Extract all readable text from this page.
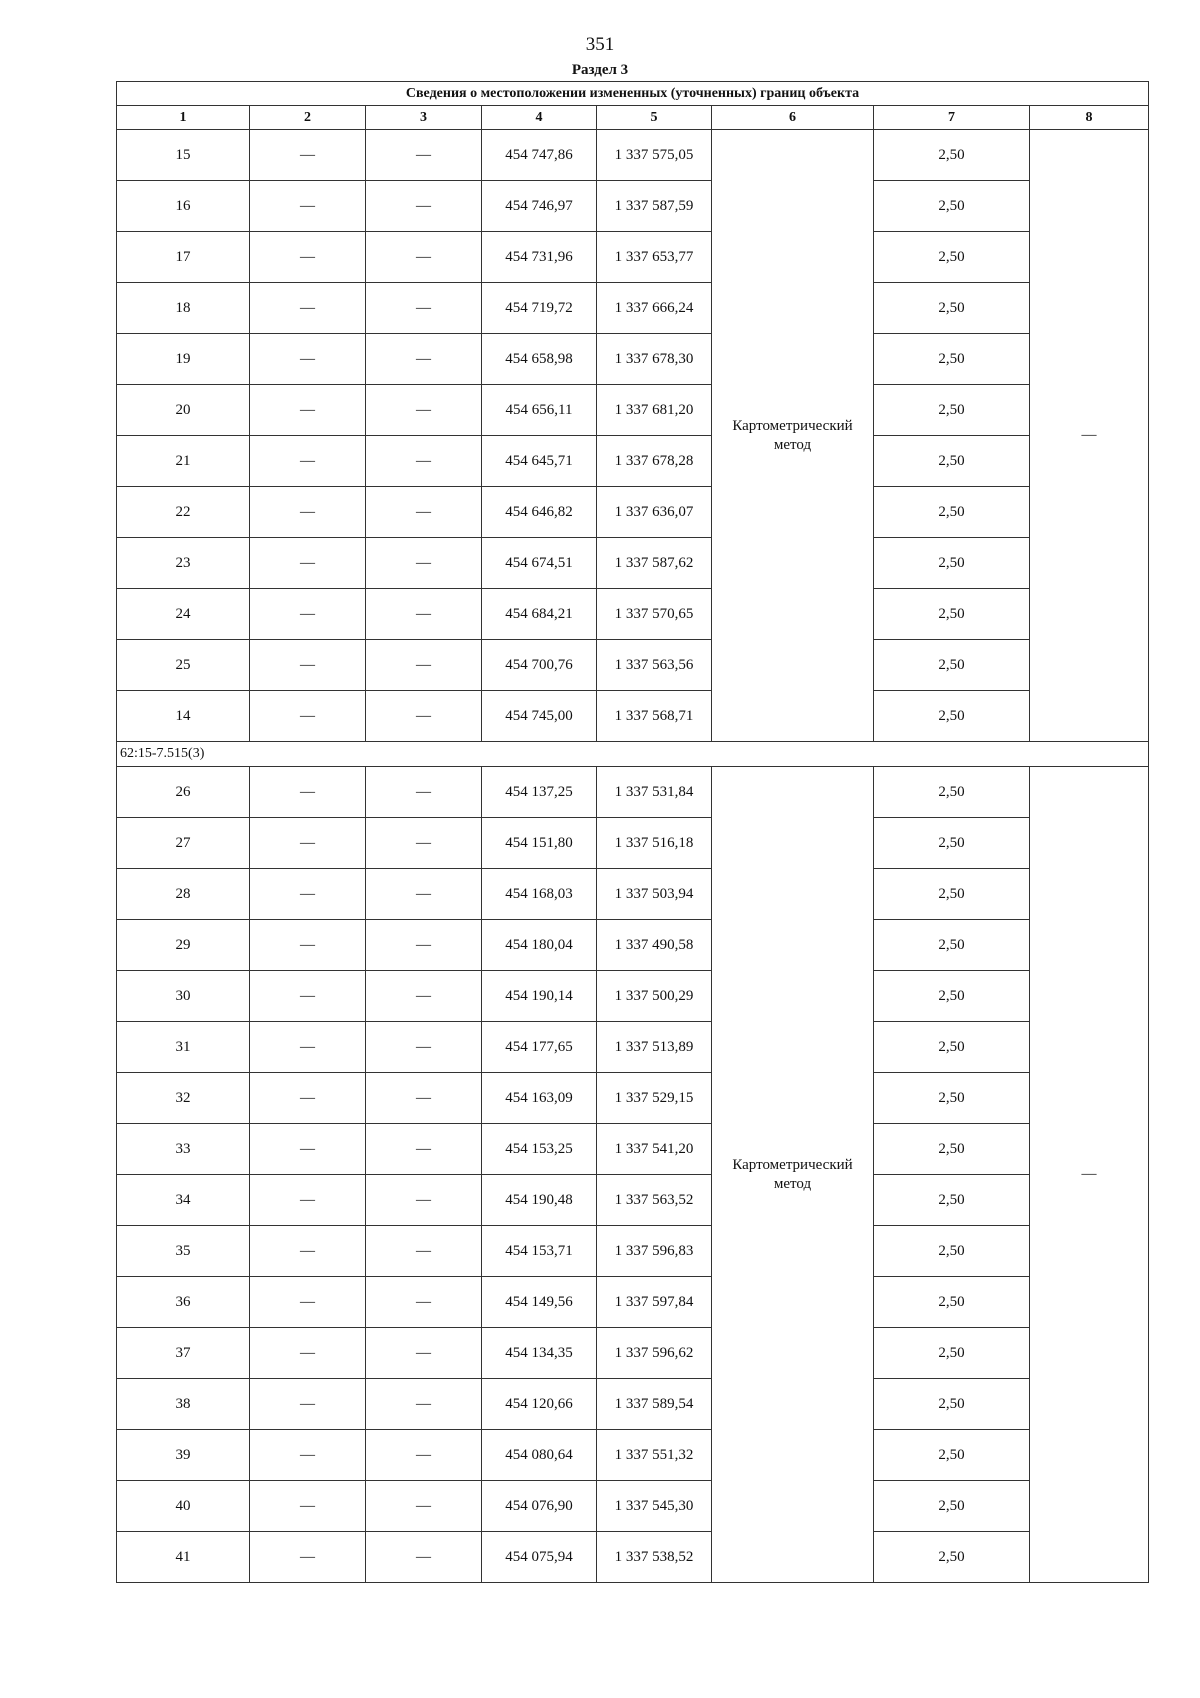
351
Раздел 3
Сведения о местоположении измененных (уточненных) границ объекта							
1	2	3	4	5	6	7	8
15	—	—	454 747,86	1 337 575,05	Картометрический метод	2,50	—
16	—	—	454 746,97	1 337 587,59		2,50	
17	—	—	454 731,96	1 337 653,77		2,50	
18	—	—	454 719,72	1 337 666,24		2,50	
19	—	—	454 658,98	1 337 678,30		2,50	
20	—	—	454 656,11	1 337 681,20		2,50	
21	—	—	454 645,71	1 337 678,28		2,50	
22	—	—	454 646,82	1 337 636,07		2,50	
23	—	—	454 674,51	1 337 587,62		2,50	
24	—	—	454 684,21	1 337 570,65		2,50	
25	—	—	454 700,76	1 337 563,56		2,50	
14	—	—	454 745,00	1 337 568,71		2,50	
62:15-7.515(3)							
26	—	—	454 137,25	1 337 531,84	Картометрический метод	2,50	—
27	—	—	454 151,80	1 337 516,18		2,50	
28	—	—	454 168,03	1 337 503,94		2,50	
29	—	—	454 180,04	1 337 490,58		2,50	
30	—	—	454 190,14	1 337 500,29		2,50	
31	—	—	454 177,65	1 337 513,89		2,50	
32	—	—	454 163,09	1 337 529,15		2,50	
33	—	—	454 153,25	1 337 541,20		2,50	
34	—	—	454 190,48	1 337 563,52		2,50	
35	—	—	454 153,71	1 337 596,83		2,50	
36	—	—	454 149,56	1 337 597,84		2,50	
37	—	—	454 134,35	1 337 596,62		2,50	
38	—	—	454 120,66	1 337 589,54		2,50	
39	—	—	454 080,64	1 337 551,32		2,50	
40	—	—	454 076,90	1 337 545,30		2,50	
41	—	—	454 075,94	1 337 538,52		2,50	
